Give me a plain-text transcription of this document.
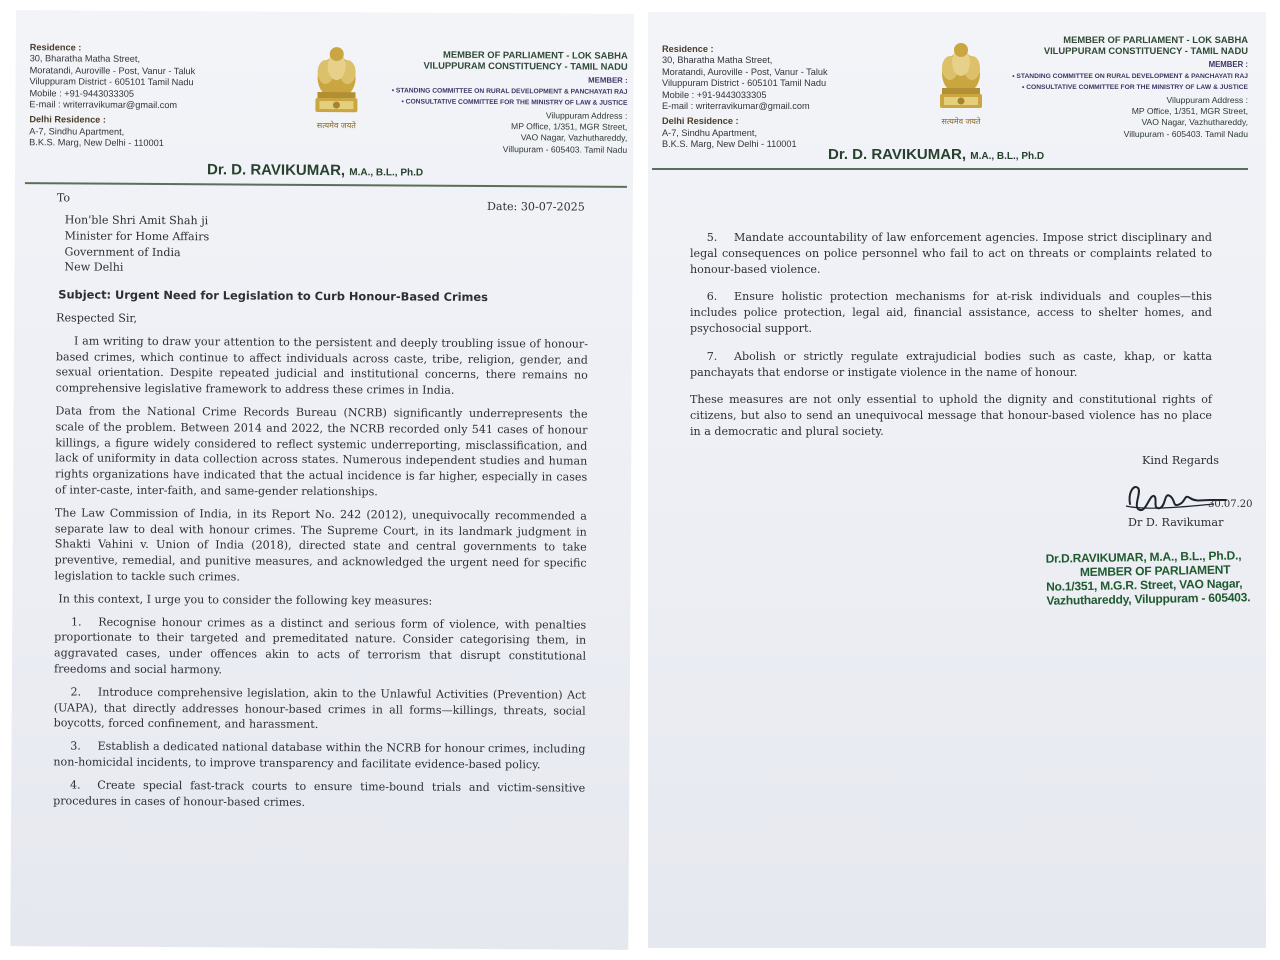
Residence :
30, Bharatha Matha Street,
Moratandi, Auroville - Post, Vanur - Taluk
Viluppuram District - 605101 Tamil Nadu
Mobile : +91-9443033305
E-mail : writerravikumar@gmail.com
Delhi Residence :
A-7, Sindhu Apartment,
B.K.S. Marg, New Delhi - 110001
सत्यमेव जयते
MEMBER OF PARLIAMENT - LOK SABHA
VILUPPURAM CONSTITUENCY - TAMIL NADU
MEMBER :
• STANDING COMMITTEE ON RURAL DEVELOPMENT & PANCHAYATI RAJ
• CONSULTATIVE COMMITTEE FOR THE MINISTRY OF LAW & JUSTICE
Viluppuram Address :
MP Office, 1/351, MGR Street,
VAO Nagar, Vazhuthareddy,
Villupuram - 605403. Tamil Nadu
Dr. D. RAVIKUMAR, M.A., B.L., Ph.D
To
Date: 30-07-2025

Hon'ble Shri Amit Shah ji
Minister for Home Affairs
Government of India
New Delhi

Subject: Urgent Need for Legislation to Curb Honour-Based Crimes

Respected Sir,

I am writing to draw your attention to the persistent and deeply troubling issue of honour-based crimes, which continue to affect individuals across caste, tribe, religion, gender, and sexual orientation. Despite repeated judicial and institutional concerns, there remains no comprehensive legislative framework to address these crimes in India.

Data from the National Crime Records Bureau (NCRB) significantly underrepresents the scale of the problem. Between 2014 and 2022, the NCRB recorded only 541 cases of honour killings, a figure widely considered to reflect systemic underreporting, misclassification, and lack of uniformity in data collection across states. Numerous independent studies and human rights organizations have indicated that the actual incidence is far higher, especially in cases of inter-caste, inter-faith, and same-gender relationships.

The Law Commission of India, in its Report No. 242 (2012), unequivocally recommended a separate law to deal with honour crimes. The Supreme Court, in its landmark judgment in Shakti Vahini v. Union of India (2018), directed state and central governments to take preventive, remedial, and punitive measures, and acknowledged the urgent need for specific legislation to tackle such crimes.

In this context, I urge you to consider the following key measures:

1. Recognise honour crimes as a distinct and serious form of violence, with penalties proportionate to their targeted and premeditated nature. Consider categorising them, in aggravated cases, under offences akin to acts of terrorism that disrupt constitutional freedoms and social harmony.

2. Introduce comprehensive legislation, akin to the Unlawful Activities (Prevention) Act (UAPA), that directly addresses honour-based crimes in all forms—killings, threats, social boycotts, forced confinement, and harassment.

3. Establish a dedicated national database within the NCRB for honour crimes, including non-homicidal incidents, to improve transparency and facilitate evidence-based policy.

4. Create special fast-track courts to ensure time-bound trials and victim-sensitive procedures in cases of honour-based crimes.

Residence :
30, Bharatha Matha Street,
Moratandi, Auroville - Post, Vanur - Taluk
Viluppuram District - 605101 Tamil Nadu
Mobile : +91-9443033305
E-mail : writerravikumar@gmail.com
Delhi Residence :
A-7, Sindhu Apartment,
B.K.S. Marg, New Delhi - 110001
सत्यमेव जयते
MEMBER OF PARLIAMENT - LOK SABHA
VILUPPURAM CONSTITUENCY - TAMIL NADU
MEMBER :
• STANDING COMMITTEE ON RURAL DEVELOPMENT & PANCHAYATI RAJ
• CONSULTATIVE COMMITTEE FOR THE MINISTRY OF LAW & JUSTICE
Viluppuram Address :
MP Office, 1/351, MGR Street,
VAO Nagar, Vazhuthareddy,
Villupuram - 605403. Tamil Nadu
Dr. D. RAVIKUMAR, M.A., B.L., Ph.D

5. Mandate accountability of law enforcement agencies. Impose strict disciplinary and legal consequences on police personnel who fail to act on threats or complaints related to honour-based violence.

6. Ensure holistic protection mechanisms for at-risk individuals and couples—this includes police protection, legal aid, financial assistance, access to shelter homes, and psychosocial support.

7. Abolish or strictly regulate extrajudicial bodies such as caste, khap, or katta panchayats that endorse or instigate violence in the name of honour.

These measures are not only essential to uphold the dignity and constitutional rights of citizens, but also to send an unequivocal message that honour-based violence has no place in a democratic and plural society.

Kind Regards
30.07.20
Dr D. Ravikumar
Dr.D.RAVIKUMAR, M.A., B.L., Ph.D.,
MEMBER OF PARLIAMENT
No.1/351, M.G.R. Street, VAO Nagar,
Vazhuthareddy, Viluppuram - 605403.
